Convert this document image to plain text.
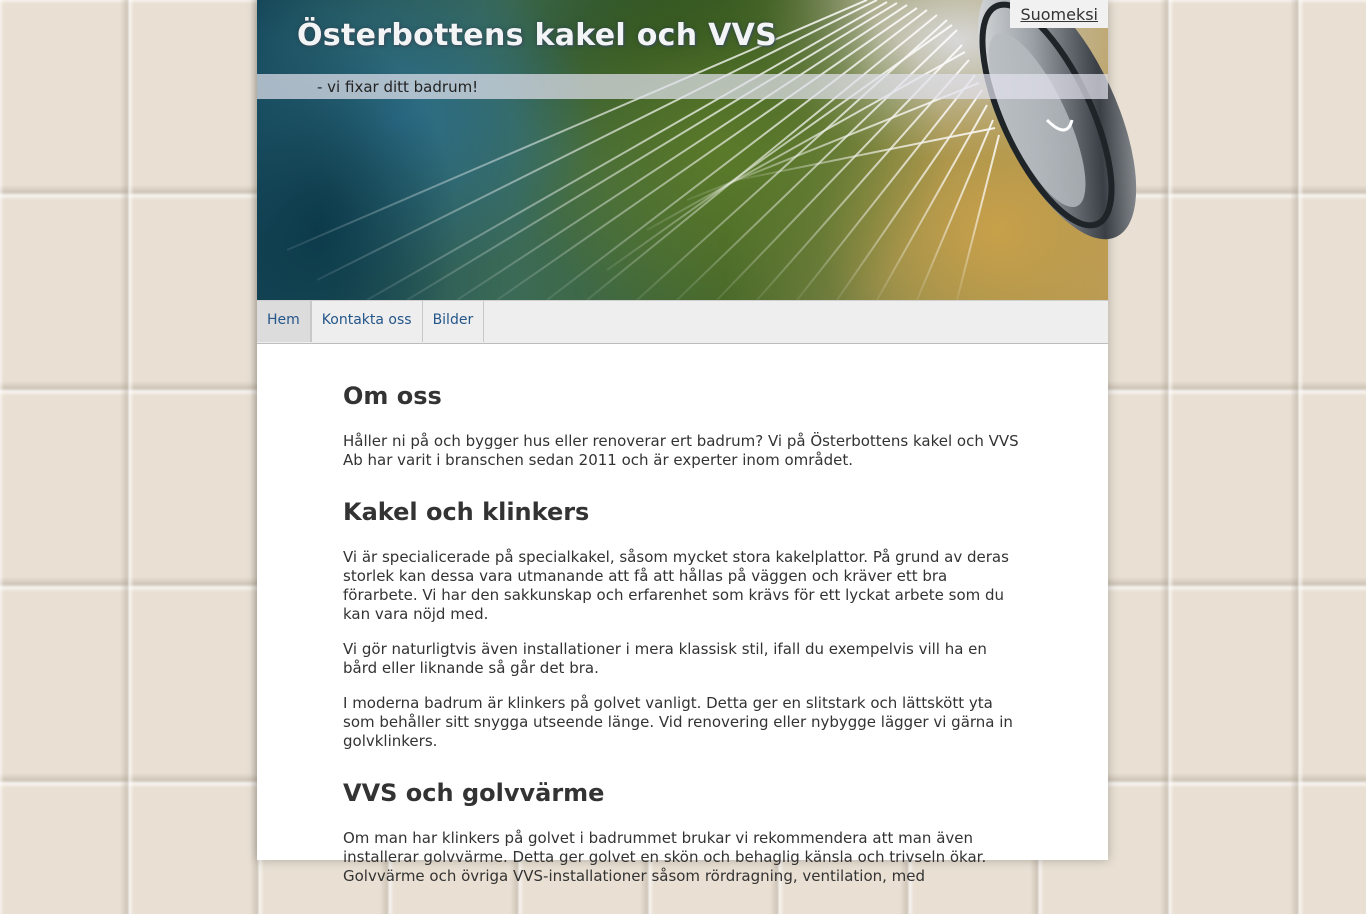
Österbottens kakel och VVS
- vi fixar ditt badrum!
Suomeksi
Hem	Kontakta oss	Bilder
Om oss

Håller ni på och bygger hus eller renoverar ert badrum? Vi på Österbottens kakel och VVS Ab har varit i branschen sedan 2011 och är experter inom området.

Kakel och klinkers

Vi är specialicerade på specialkakel, såsom mycket stora kakelplattor. På grund av deras storlek kan dessa vara utmanande att få att hållas på väggen och kräver ett bra förarbete. Vi har den sakkunskap och erfarenhet som krävs för ett lyckat arbete som du kan vara nöjd med.

Vi gör naturligtvis även installationer i mera klassisk stil, ifall du exempelvis vill ha en bård eller liknande så går det bra.

I moderna badrum är klinkers på golvet vanligt. Detta ger en slitstark och lättskött yta som behåller sitt snygga utseende länge. Vid renovering eller nybygge lägger vi gärna in golvklinkers.

VVS och golvvärme

Om man har klinkers på golvet i badrummet brukar vi rekommendera att man även installerar golvvärme. Detta ger golvet en skön och behaglig känsla och trivseln ökar. Golvvärme och övriga VVS-installationer såsom rördragning, ventilation, med
